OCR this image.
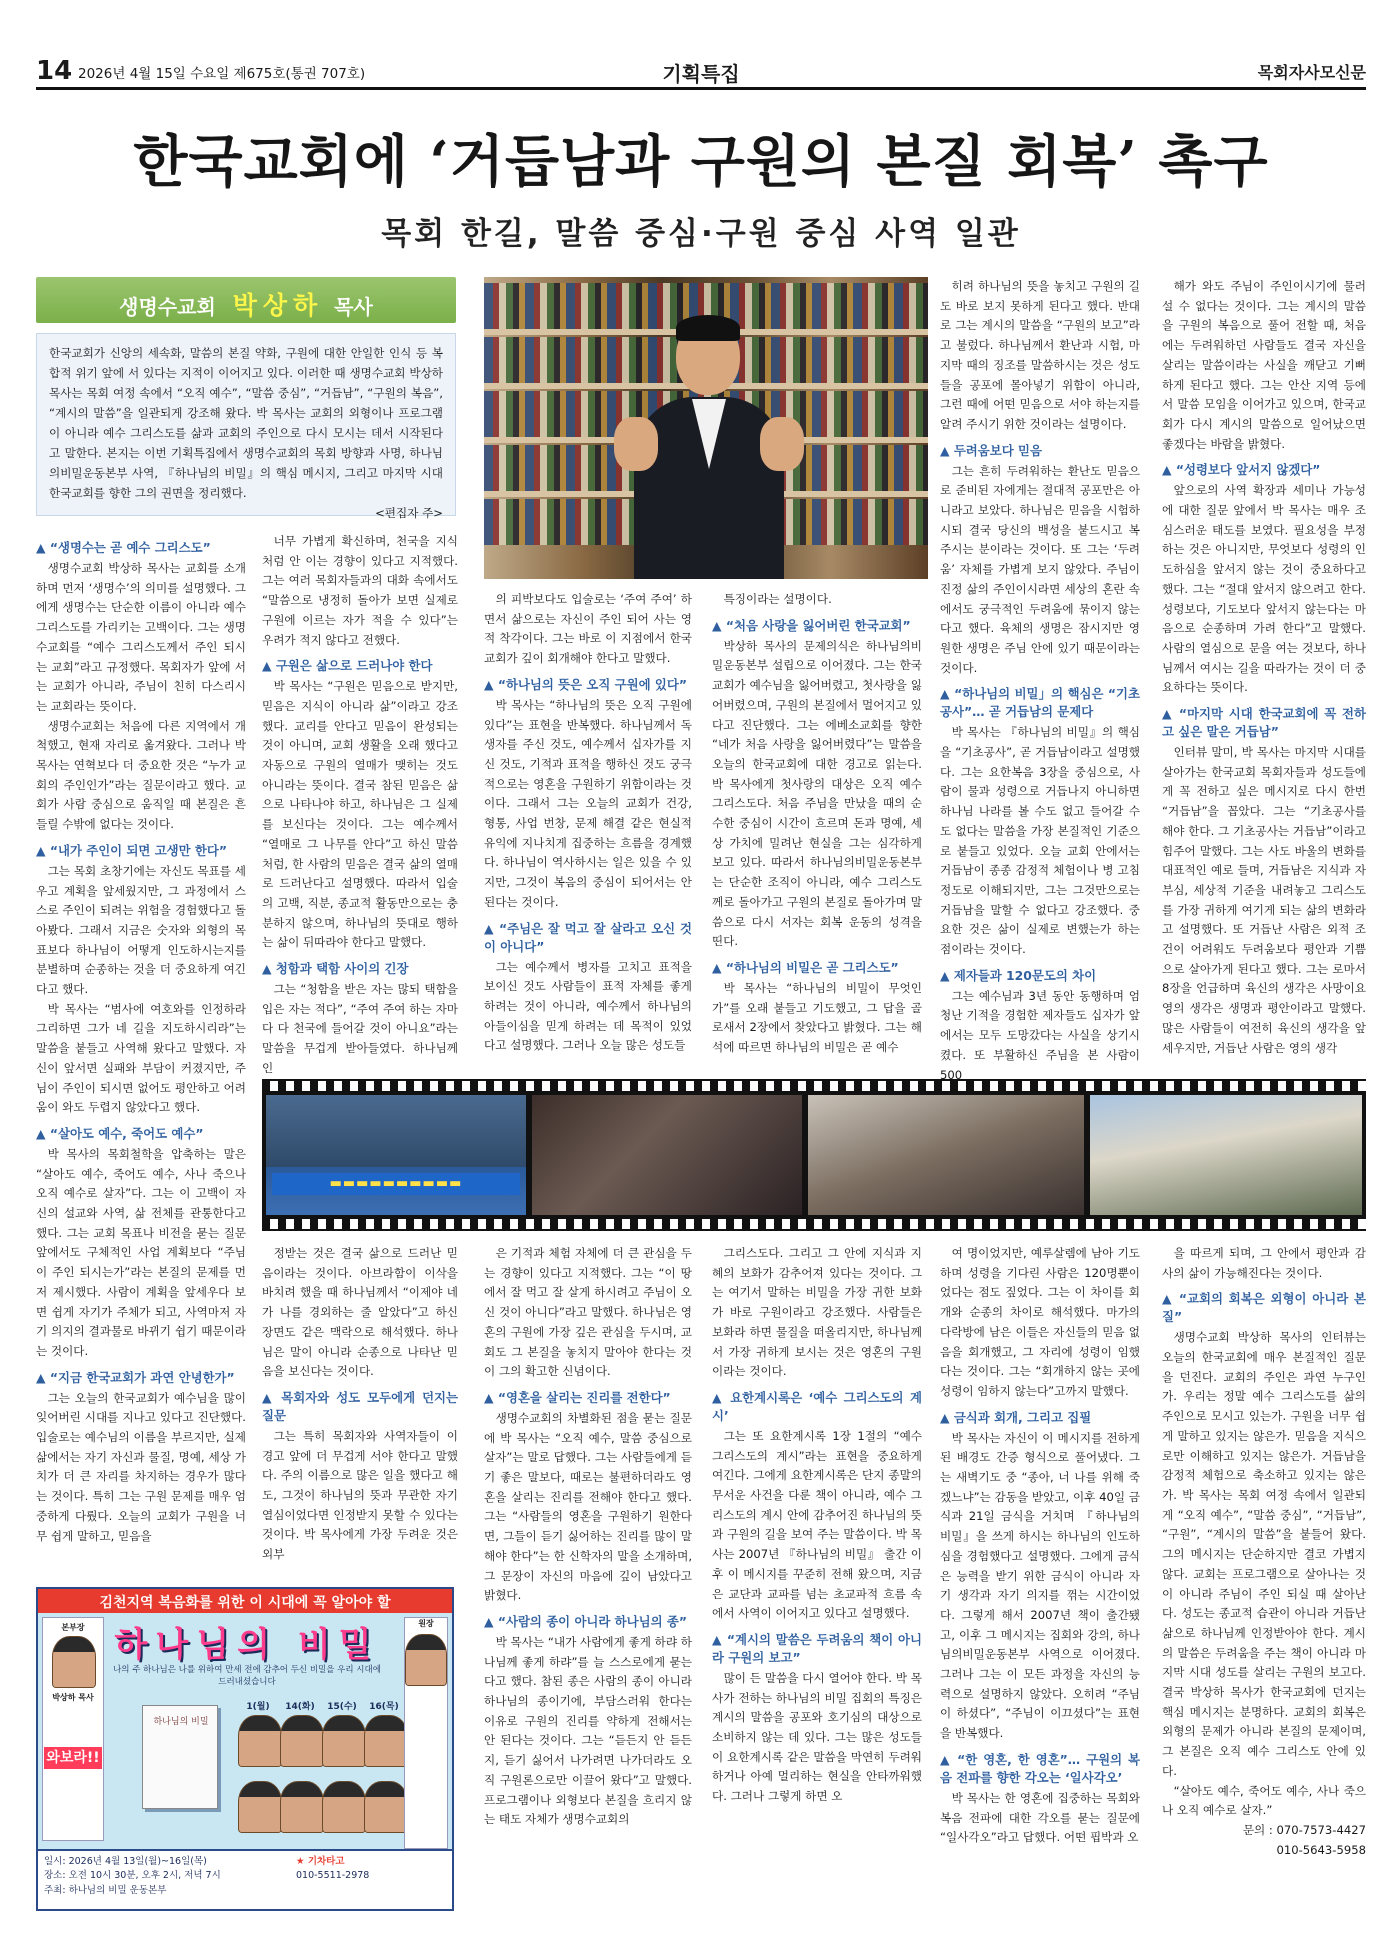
14 2026년 4월 15일 수요일 제675호(통권 707호)	기획특집	목회자사모신문
한국교회에 ‘거듭남과 구원의 본질 회복’ 촉구
목회 한길, 말씀 중심·구원 중심 사역 일관
생명수교회 박상하 목사
한국교회가 신앙의 세속화, 말씀의 본질 약화, 구원에 대한 안일한 인식 등 복합적 위기 앞에 서 있다는 지적이 이어지고 있다. 이러한 때 생명수교회 박상하 목사는 목회 여정 속에서 “오직 예수”, “말씀 중심”, “거듭남”, “구원의 복음”, “계시의 말씀”을 일관되게 강조해 왔다. 박 목사는 교회의 외형이나 프로그램이 아니라 예수 그리스도를 삶과 교회의 주인으로 다시 모시는 데서 시작된다고 말한다. 본지는 이번 기획특집에서 생명수교회의 목회 방향과 사명, 하나님의비밀운동본부 사역, 『하나님의 비밀』의 핵심 메시지, 그리고 마지막 시대 한국교회를 향한 그의 권면을 정리했다.
<편집자 주>
▬▬▬▬▬▬▬▬▬▬
▲ “생명수는 곧 예수 그리스도”

생명수교회 박상하 목사는 교회를 소개하며 먼저 ‘생명수’의 의미를 설명했다. 그에게 생명수는 단순한 이름이 아니라 예수 그리스도를 가리키는 고백이다. 그는 생명수교회를 “예수 그리스도께서 주인 되시는 교회”라고 규정했다. 목회자가 앞에 서는 교회가 아니라, 주님이 친히 다스리시는 교회라는 뜻이다.

생명수교회는 처음에 다른 지역에서 개척했고, 현재 자리로 옮겨왔다. 그러나 박 목사는 연혁보다 더 중요한 것은 “누가 교회의 주인인가”라는 질문이라고 했다. 교회가 사람 중심으로 움직일 때 본질은 흔들릴 수밖에 없다는 것이다.

▲ “내가 주인이 되면 고생만 한다”

그는 목회 초창기에는 자신도 목표를 세우고 계획을 앞세웠지만, 그 과정에서 스스로 주인이 되려는 위험을 경험했다고 돌아봤다. 그래서 지금은 숫자와 외형의 목표보다 하나님이 어떻게 인도하시는지를 분별하며 순종하는 것을 더 중요하게 여긴다고 했다.

박 목사는 “범사에 여호와를 인정하라 그리하면 그가 네 길을 지도하시리라”는 말씀을 붙들고 사역해 왔다고 말했다. 자신이 앞서면 실패와 부담이 커졌지만, 주님이 주인이 되시면 없어도 평안하고 어려움이 와도 두렵지 않았다고 했다.

▲ “살아도 예수, 죽어도 예수”

박 목사의 목회철학을 압축하는 말은 “살아도 예수, 죽어도 예수, 사나 죽으나 오직 예수로 살자”다. 그는 이 고백이 자신의 설교와 사역, 삶 전체를 관통한다고 했다. 그는 교회 목표나 비전을 묻는 질문 앞에서도 구체적인 사업 계획보다 “주님이 주인 되시는가”라는 본질의 문제를 먼저 제시했다. 사람이 계획을 앞세우다 보면 쉽게 자기가 주체가 되고, 사역마저 자기 의지의 결과물로 바뀌기 쉽기 때문이라는 것이다.

▲ “지금 한국교회가 과연 안녕한가”

그는 오늘의 한국교회가 예수님을 많이 잊어버린 시대를 지나고 있다고 진단했다. 입술로는 예수님의 이름을 부르지만, 실제 삶에서는 자기 자신과 물질, 명예, 세상 가치가 더 큰 자리를 차지하는 경우가 많다는 것이다. 특히 그는 구원 문제를 매우 엄중하게 다뤘다. 오늘의 교회가 구원을 너무 쉽게 말하고, 믿음을

너무 가볍게 확신하며, 천국을 지식처럼 안 이는 경향이 있다고 지적했다. 그는 여러 목회자들과의 대화 속에서도 “말씀으로 냉정히 돌아가 보면 실제로 구원에 이르는 자가 적을 수 있다”는 우려가 적지 않다고 전했다.

▲ 구원은 삶으로 드러나야 한다

박 목사는 “구원은 믿음으로 받지만, 믿음은 지식이 아니라 삶”이라고 강조했다. 교리를 안다고 믿음이 완성되는 것이 아니며, 교회 생활을 오래 했다고 자동으로 구원의 열매가 맺히는 것도 아니라는 뜻이다. 결국 참된 믿음은 삶으로 나타나야 하고, 하나님은 그 실제를 보신다는 것이다. 그는 예수께서 “열매로 그 나무를 안다”고 하신 말씀처럼, 한 사람의 믿음은 결국 삶의 열매로 드러난다고 설명했다. 따라서 입술의 고백, 직분, 종교적 활동만으로는 충분하지 않으며, 하나님의 뜻대로 행하는 삶이 뒤따라야 한다고 말했다.

▲ 청함과 택함 사이의 긴장

그는 “청함을 받은 자는 많되 택함을 입은 자는 적다”, “주여 주여 하는 자마다 다 천국에 들어갈 것이 아니요”라는 말씀을 무겁게 받아들였다. 하나님께 인

의 피박보다도 입술로는 ‘주여 주여’ 하면서 삶으로는 자신이 주인 되어 사는 영적 착각이다. 그는 바로 이 지점에서 한국교회가 깊이 회개해야 한다고 말했다.

▲ “하나님의 뜻은 오직 구원에 있다”

박 목사는 “하나님의 뜻은 오직 구원에 있다”는 표현을 반복했다. 하나님께서 독생자를 주신 것도, 예수께서 십자가를 지신 것도, 기적과 표적을 행하신 것도 궁극적으로는 영혼을 구원하기 위함이라는 것이다. 그래서 그는 오늘의 교회가 건강, 형통, 사업 번창, 문제 해결 같은 현실적 유익에 지나치게 집중하는 흐름을 경계했다. 하나님이 역사하시는 일은 있을 수 있지만, 그것이 복음의 중심이 되어서는 안 된다는 것이다.

▲ “주님은 잘 먹고 잘 살라고 오신 것이 아니다”

그는 예수께서 병자를 고치고 표적을 보이신 것도 사람들이 표적 자체를 좋게 하려는 것이 아니라, 예수께서 하나님의 아들이심을 믿게 하려는 데 목적이 있었다고 설명했다. 그러나 오늘 많은 성도들

특징이라는 설명이다.

▲ “처음 사랑을 잃어버린 한국교회”

박상하 목사의 문제의식은 하나님의비밀운동본부 설립으로 이어졌다. 그는 한국교회가 예수님을 잃어버렸고, 첫사랑을 잃어버렸으며, 구원의 본질에서 멀어지고 있다고 진단했다. 그는 에베소교회를 향한 “네가 처음 사랑을 잃어버렸다”는 말씀을 오늘의 한국교회에 대한 경고로 읽는다. 박 목사에게 첫사랑의 대상은 오직 예수 그리스도다. 처음 주님을 만났을 때의 순수한 중심이 시간이 흐르며 돈과 명예, 세상 가치에 밀려난 현실을 그는 심각하게 보고 있다. 따라서 하나님의비밀운동본부는 단순한 조직이 아니라, 예수 그리스도께로 돌아가고 구원의 본질로 돌아가며 말씀으로 다시 서자는 회복 운동의 성격을 띤다.

▲ “하나님의 비밀은 곧 그리스도”

박 목사는 “하나님의 비밀이 무엇인가”를 오래 붙들고 기도했고, 그 답을 골로새서 2장에서 찾았다고 밝혔다. 그는 해석에 따르면 하나님의 비밀은 곧 예수

히려 하나님의 뜻을 놓치고 구원의 길도 바로 보지 못하게 된다고 했다. 반대로 그는 계시의 말씀을 “구원의 보고”라고 불렀다. 하나님께서 환난과 시험, 마지막 때의 징조를 말씀하시는 것은 성도들을 공포에 몰아넣기 위함이 아니라, 그런 때에 어떤 믿음으로 서야 하는지를 알려 주시기 위한 것이라는 설명이다.

▲ 두려움보다 믿음

그는 흔히 두려워하는 환난도 믿음으로 준비된 자에게는 절대적 공포만은 아니라고 보았다. 하나님은 믿음을 시험하시되 결국 당신의 백성을 붙드시고 복 주시는 분이라는 것이다. 또 그는 ‘두려움’ 자체를 가볍게 보지 않았다. 주님이 진정 삶의 주인이시라면 세상의 혼란 속에서도 궁극적인 두려움에 묶이지 않는다고 했다. 육체의 생명은 잠시지만 영원한 생명은 주님 안에 있기 때문이라는 것이다.

▲ “하나님의 비밀」의 핵심은 “기초공사”… 곧 거듭남의 문제다

박 목사는 『하나님의 비밀』의 핵심을 “기초공사”, 곧 거듭남이라고 설명했다. 그는 요한복음 3장을 중심으로, 사람이 물과 성령으로 거듭나지 아니하면 하나님 나라를 볼 수도 없고 들어갈 수도 없다는 말씀을 가장 본질적인 기준으로 붙들고 있었다. 오늘 교회 안에서는 거듭남이 종종 감정적 체험이나 병 고침 정도로 이해되지만, 그는 그것만으로는 거듭남을 말할 수 없다고 강조했다. 중요한 것은 삶이 실제로 변했는가 하는 점이라는 것이다.

▲ 제자들과 120문도의 차이

그는 예수님과 3년 동안 동행하며 엄청난 기적을 경험한 제자들도 십자가 앞에서는 모두 도망갔다는 사실을 상기시켰다. 또 부활하신 주님을 본 사람이 500

해가 와도 주님이 주인이시기에 물러설 수 없다는 것이다. 그는 계시의 말씀을 구원의 복음으로 풀어 전할 때, 처음에는 두려워하던 사람들도 결국 자신을 살리는 말씀이라는 사실을 깨닫고 기뻐하게 된다고 했다. 그는 안산 지역 등에서 말씀 모임을 이어가고 있으며, 한국교회가 다시 계시의 말씀으로 일어났으면 좋겠다는 바람을 밝혔다.

▲ “성령보다 앞서지 않겠다”

앞으로의 사역 확장과 세미나 가능성에 대한 질문 앞에서 박 목사는 매우 조심스러운 태도를 보였다. 필요성을 부정하는 것은 아니지만, 무엇보다 성령의 인도하심을 앞서지 않는 것이 중요하다고 했다. 그는 “절대 앞서지 않으려고 한다. 성령보다, 기도보다 앞서지 않는다는 마음으로 순종하며 가려 한다”고 말했다. 사람의 열심으로 문을 여는 것보다, 하나님께서 여시는 길을 따라가는 것이 더 중요하다는 뜻이다.

▲ “마지막 시대 한국교회에 꼭 전하고 싶은 말은 거듭남”

인터뷰 말미, 박 목사는 마지막 시대를 살아가는 한국교회 목회자들과 성도들에게 꼭 전하고 싶은 메시지로 다시 한번 “거듭남”을 꼽았다. 그는 “기초공사를 해야 한다. 그 기초공사는 거듭남”이라고 힘주어 말했다. 그는 사도 바울의 변화를 대표적인 예로 들며, 거듭남은 지식과 자부심, 세상적 기준을 내려놓고 그리스도를 가장 귀하게 여기게 되는 삶의 변화라고 설명했다. 또 거듭난 사람은 외적 조건이 어려워도 두려움보다 평안과 기쁨으로 살아가게 된다고 했다. 그는 로마서 8장을 언급하며 육신의 생각은 사망이요 영의 생각은 생명과 평안이라고 말했다. 많은 사람들이 여전히 육신의 생각을 앞세우지만, 거듭난 사람은 영의 생각

정받는 것은 결국 삶으로 드러난 믿음이라는 것이다. 아브라함이 이삭을 바치려 했을 때 하나님께서 “이제야 네가 나를 경외하는 줄 알았다”고 하신 장면도 같은 맥락으로 해석했다. 하나님은 말이 아니라 순종으로 나타난 믿음을 보신다는 것이다.

▲ 목회자와 성도 모두에게 던지는 질문

그는 특히 목회자와 사역자들이 이 경고 앞에 더 무겁게 서야 한다고 말했다. 주의 이름으로 많은 일을 했다고 해도, 그것이 하나님의 뜻과 무관한 자기 열심이었다면 인정받지 못할 수 있다는 것이다. 박 목사에게 가장 두려운 것은 외부

은 기적과 체험 자체에 더 큰 관심을 두는 경향이 있다고 지적했다. 그는 “이 땅에서 잘 먹고 잘 살게 하시려고 주님이 오신 것이 아니다”라고 말했다. 하나님은 영혼의 구원에 가장 깊은 관심을 두시며, 교회도 그 본질을 놓치지 말아야 한다는 것이 그의 확고한 신념이다.

▲ “영혼을 살리는 진리를 전한다”

생명수교회의 차별화된 점을 묻는 질문에 박 목사는 “오직 예수, 말씀 중심으로 살자”는 말로 답했다. 그는 사람들에게 듣기 좋은 말보다, 때로는 불편하더라도 영혼을 살리는 진리를 전해야 한다고 했다. 그는 “사람들의 영혼을 구원하기 원한다면, 그들이 듣기 싫어하는 진리를 많이 말해야 한다”는 한 신학자의 말을 소개하며, 그 문장이 자신의 마음에 깊이 남았다고 밝혔다.

▲ “사람의 종이 아니라 하나님의 종”

박 목사는 “내가 사람에게 좋게 하랴 하나님께 좋게 하랴”를 늘 스스로에게 묻는다고 했다. 참된 종은 사람의 종이 아니라 하나님의 종이기에, 부담스러워 한다는 이유로 구원의 진리를 약하게 전해서는 안 된다는 것이다. 그는 “듣든지 안 듣든지, 듣기 싫어서 나가려면 나가더라도 오직 구원론으로만 이끌어 왔다”고 말했다. 프로그램이나 외형보다 본질을 흐리지 않는 태도 자체가 생명수교회의

그리스도다. 그리고 그 안에 지식과 지혜의 보화가 감추어져 있다는 것이다. 그는 여기서 말하는 비밀을 가장 귀한 보화가 바로 구원이라고 강조했다. 사람들은 보화라 하면 물질을 떠올리지만, 하나님께서 가장 귀하게 보시는 것은 영혼의 구원이라는 것이다.

▲ 요한계시록은 ‘예수 그리스도의 계시’

그는 또 요한계시록 1장 1절의 “예수 그리스도의 계시”라는 표현을 중요하게 여긴다. 그에게 요한계시록은 단지 종말의 무서운 사건을 다룬 책이 아니라, 예수 그리스도의 계시 안에 감추어진 하나님의 뜻과 구원의 길을 보여 주는 말씀이다. 박 목사는 2007년 『하나님의 비밀』 출간 이후 이 메시지를 꾸준히 전해 왔으며, 지금은 교단과 교파를 넘는 초교파적 흐름 속에서 사역이 이어지고 있다고 설명했다.

▲ “계시의 말씀은 두려움의 책이 아니라 구원의 보고”

많이 든 말씀을 다시 열어야 한다. 박 목사가 전하는 하나님의 비밀 집회의 특징은 계시의 말씀을 공포와 호기심의 대상으로 소비하지 않는 데 있다. 그는 많은 성도들이 요한계시록 같은 말씀을 막연히 두려워하거나 아예 멀리하는 현실을 안타까워했다. 그러나 그렇게 하면 오

여 명이었지만, 예루살렘에 남아 기도하며 성령을 기다린 사람은 120명뿐이었다는 점도 짚었다. 그는 이 차이를 회개와 순종의 차이로 해석했다. 마가의 다락방에 남은 이들은 자신들의 믿음 없음을 회개했고, 그 자리에 성령이 임했다는 것이다. 그는 “회개하지 않는 곳에 성령이 임하지 않는다”고까지 말했다.

▲ 금식과 회개, 그리고 집필

박 목사는 자신이 이 메시지를 전하게 된 배경도 간증 형식으로 풀어냈다. 그는 새벽기도 중 “종아, 너 나를 위해 죽겠느냐”는 감동을 받았고, 이후 40일 금식과 21일 금식을 거치며 『하나님의 비밀』을 쓰게 하시는 하나님의 인도하심을 경험했다고 설명했다. 그에게 금식은 능력을 받기 위한 금식이 아니라 자기 생각과 자기 의지를 꺾는 시간이었다. 그렇게 해서 2007년 책이 출간됐고, 이후 그 메시지는 집회와 강의, 하나님의비밀운동본부 사역으로 이어졌다. 그러나 그는 이 모든 과정을 자신의 능력으로 설명하지 않았다. 오히려 “주님이 하셨다”, “주님이 이끄셨다”는 표현을 반복했다.

▲ “한 영혼, 한 영혼”… 구원의 복음 전파를 향한 각오는 ‘일사각오’

박 목사는 한 영혼에 집중하는 목회와 복음 전파에 대한 각오를 묻는 질문에 “일사각오”라고 답했다. 어떤 핍박과 오

을 따르게 되며, 그 안에서 평안과 감사의 삶이 가능해진다는 것이다.

▲ “교회의 회복은 외형이 아니라 본질”

생명수교회 박상하 목사의 인터뷰는 오늘의 한국교회에 매우 본질적인 질문을 던진다. 교회의 주인은 과연 누구인가. 우리는 정말 예수 그리스도를 삶의 주인으로 모시고 있는가. 구원을 너무 쉽게 말하고 있지는 않은가. 믿음을 지식으로만 이해하고 있지는 않은가. 거듭남을 감정적 체험으로 축소하고 있지는 않은가. 박 목사는 목회 여정 속에서 일관되게 “오직 예수”, “말씀 중심”, “거듭남”, “구원”, “계시의 말씀”을 붙들어 왔다. 그의 메시지는 단순하지만 결코 가볍지 않다. 교회는 프로그램으로 살아나는 것이 아니라 주님이 주인 되실 때 살아난다. 성도는 종교적 습관이 아니라 거듭난 삶으로 하나님께 인정받아야 한다. 계시의 말씀은 두려움을 주는 책이 아니라 마지막 시대 성도를 살리는 구원의 보고다. 결국 박상하 목사가 한국교회에 던지는 핵심 메시지는 분명하다. 교회의 회복은 외형의 문제가 아니라 본질의 문제이며, 그 본질은 오직 예수 그리스도 안에 있다.

“살아도 예수, 죽어도 예수, 사나 죽으나 오직 예수로 살자.”

문의 : 070-7573-4427

010-5643-5958

김천지역 복음화를 위한 이 시대에 꼭 알아야 할
하나님의 비밀
나의 주 하나님은 나를 위하여 만세 전에 감추어 두신 비밀을 우리 시대에 드러내셨습니다
본부장
박상하 목사
와보라!!
하나님의 비밀
1(월)	14(화)	15(수)	16(목)
원장
일시: 2026년 4월 13일(월)~16일(목)
장소: 오전 10시 30분, 오후 2시, 저녁 7시
주최: 하나님의 비밀 운동본부
★ 기차타고
010-5511-2978
